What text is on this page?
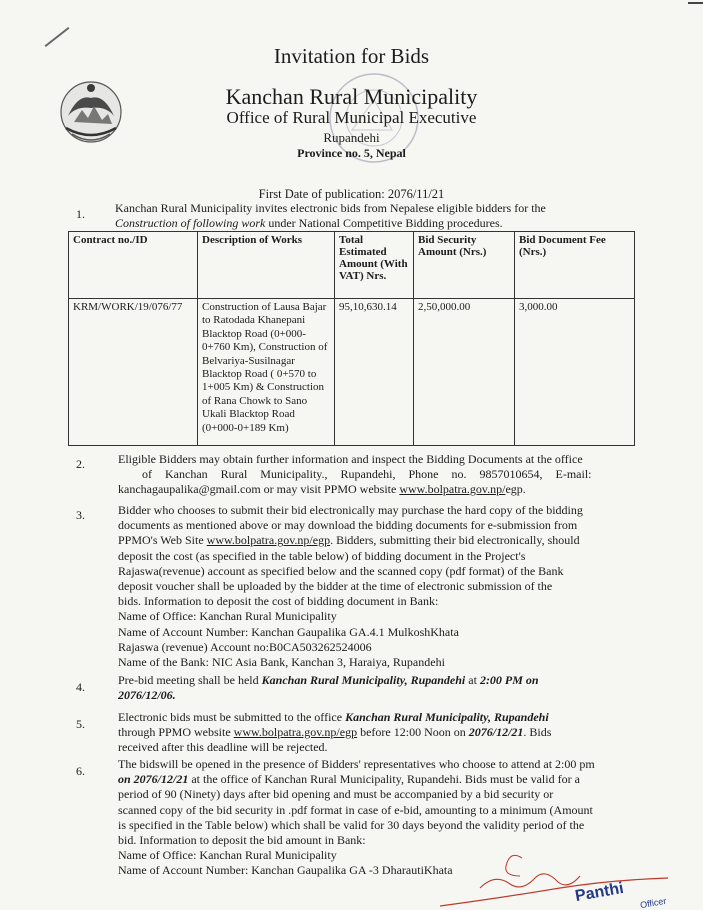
Invitation for Bids
Kanchan Rural Municipality
Office of Rural Municipal Executive
Rupandehi
Province no. 5, Nepal
First Date of publication: 2076/11/21
1.	Kanchan Rural Municipality invites electronic bids from Nepalese eligible bidders for the
Construction of following work under National Competitive Bidding procedures.
Contract no./ID	Description of Works	Total Estimated Amount (With VAT) Nrs.	Bid Security Amount (Nrs.)	Bid Document Fee (Nrs.)
KRM/WORK/19/076/77	Construction of Lausa Bajar to Ratodada Khanepani Blacktop Road (0+000-0+760 Km), Construction of Belvariya-Susilnagar Blacktop Road ( 0+570 to 1+005 Km) & Construction of Rana Chowk to Sano Ukali Blacktop Road (0+000-0+189 Km)	95,10,630.14	2,50,000.00	3,000.00
2.	Eligible Bidders may obtain further information and inspect the Bidding Documents at the office
of Kanchan Rural Municipality., Rupandehi, Phone no. 9857010654, E-mail:
kanchagaupalika@gmail.com or may visit PPMO website www.bolpatra.gov.np/egp.
3.	Bidder who chooses to submit their bid electronically may purchase the hard copy of the bidding
documents as mentioned above or may download the bidding documents for e-submission from
PPMO's Web Site www.bolpatra.gov.np/egp. Bidders, submitting their bid electronically, should
deposit the cost (as specified in the table below) of bidding document in the Project's
Rajaswa(revenue) account as specified below and the scanned copy (pdf format) of the Bank
deposit voucher shall be uploaded by the bidder at the time of electronic submission of the
bids. Information to deposit the cost of bidding document in Bank:
Name of Office: Kanchan Rural Municipality
Name of Account Number: Kanchan Gaupalika GA.4.1 MulkoshKhata
Rajaswa (revenue) Account no:B0CA503262524006
Name of the Bank: NIC Asia Bank, Kanchan 3, Haraiya, Rupandehi
4.	Pre-bid meeting shall be held Kanchan Rural Municipality, Rupandehi at 2:00 PM on
2076/12/06.
5.	Electronic bids must be submitted to the office Kanchan Rural Municipality, Rupandehi
through PPMO website www.bolpatra.gov.np/egp before 12:00 Noon on 2076/12/21. Bids
received after this deadline will be rejected.
6.	The bidswill be opened in the presence of Bidders' representatives who choose to attend at 2:00 pm
on 2076/12/21 at the office of Kanchan Rural Municipality, Rupandehi. Bids must be valid for a
period of 90 (Ninety) days after bid opening and must be accompanied by a bid security or
scanned copy of the bid security in .pdf format in case of e-bid, amounting to a minimum (Amount
is specified in the Table below) which shall be valid for 30 days beyond the validity period of the
bid. Information to deposit the bid amount in Bank:
Name of Office: Kanchan Rural Municipality
Name of Account Number: Kanchan Gaupalika GA -3 DharautiKhata
Panthi Officer
